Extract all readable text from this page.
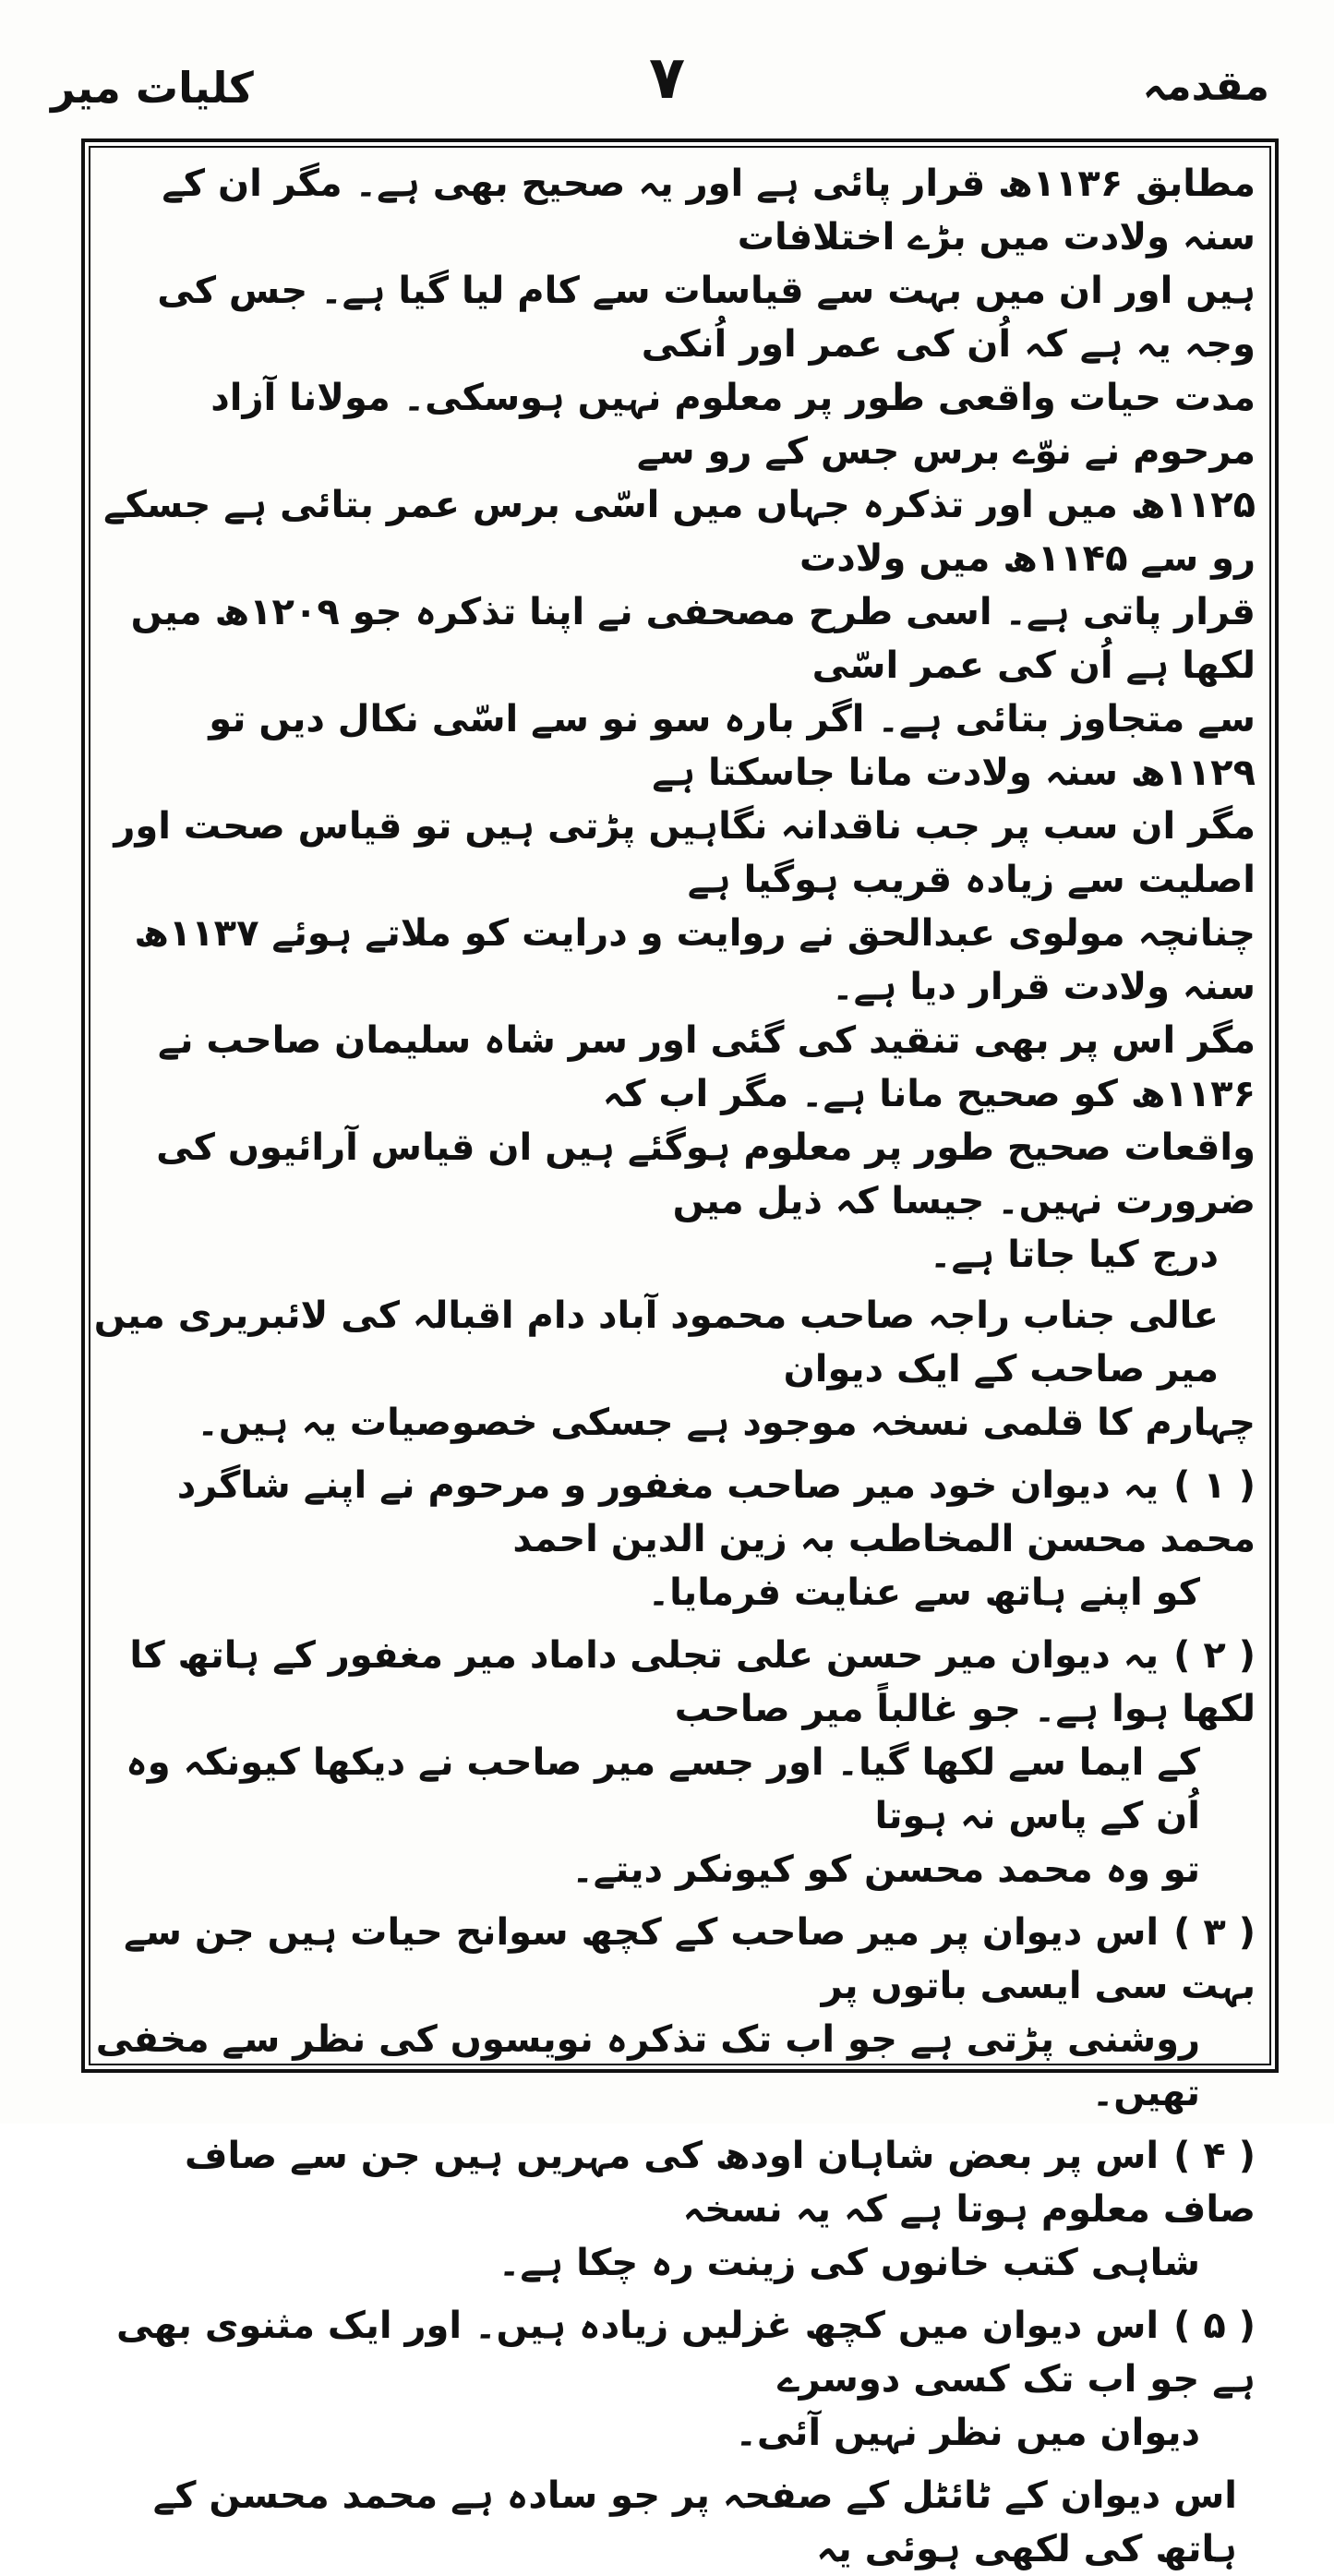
مقدمہ
۷
کلیات میر
مطابق ۱۱۳۶ھ قرار پائی ہے اور یہ صحیح بھی ہے۔ مگر ان کے سنہ ولادت میں بڑے اختلافات
ہیں اور ان میں بہت سے قیاسات سے کام لیا گیا ہے۔ جس کی وجہ یہ ہے کہ اُن کی عمر اور اُنکی
مدت حیات واقعی طور پر معلوم نہیں ہوسکی۔ مولانا آزاد مرحوم نے نوّے برس جس کے رو سے
۱۱۲۵ھ میں اور تذکرہ جہاں میں اسّی برس عمر بتائی ہے جسکے رو سے ۱۱۴۵ھ میں ولادت
قرار پاتی ہے۔ اسی طرح مصحفی نے اپنا تذکرہ جو ۱۲۰۹ھ میں لکھا ہے اُن کی عمر اسّی
سے متجاوز بتائی ہے۔ اگر بارہ سو نو سے اسّی نکال دیں تو ۱۱۲۹ھ سنہ ولادت مانا جاسکتا ہے
مگر ان سب پر جب ناقدانہ نگاہیں پڑتی ہیں تو قیاس صحت اور اصلیت سے زیادہ قریب ہوگیا ہے
چنانچہ مولوی عبدالحق نے روایت و درایت کو ملاتے ہوئے ۱۱۳۷ھ سنہ ولادت قرار دیا ہے۔
مگر اس پر بھی تنقید کی گئی اور سر شاہ سلیمان صاحب نے ۱۱۳۶ھ کو صحیح مانا ہے۔ مگر اب کہ
واقعات صحیح طور پر معلوم ہوگئے ہیں ان قیاس آرائیوں کی ضرورت نہیں۔ جیسا کہ ذیل میں
درج کیا جاتا ہے۔
عالی جناب راجہ صاحب محمود آباد دام اقبالہ کی لائبریری میں میر صاحب کے ایک دیوان
چہارم کا قلمی نسخہ موجود ہے جسکی خصوصیات یہ ہیں۔
( ۱ )یہ دیوان خود میر صاحب مغفور و مرحوم نے اپنے شاگرد محمد محسن المخاطب بہ زین الدین احمد
کو اپنے ہاتھ سے عنایت فرمایا۔
( ۲ )یہ دیوان میر حسن علی تجلی داماد میر مغفور کے ہاتھ کا لکھا ہوا ہے۔ جو غالباً میر صاحب
کے ایما سے لکھا گیا۔ اور جسے میر صاحب نے دیکھا کیونکہ وہ اُن کے پاس نہ ہوتا
تو وہ محمد محسن کو کیونکر دیتے۔
( ۳ )اس دیوان پر میر صاحب کے کچھ سوانح حیات ہیں جن سے بہت سی ایسی باتوں پر
روشنی پڑتی ہے جو اب تک تذکرہ نویسوں کی نظر سے مخفی تھیں۔
( ۴ )اس پر بعض شاہان اودھ کی مہریں ہیں جن سے صاف صاف معلوم ہوتا ہے کہ یہ نسخہ
شاہی کتب خانوں کی زینت رہ چکا ہے۔
( ۵ )اس دیوان میں کچھ غزلیں زیادہ ہیں۔ اور ایک مثنوی بھی ہے جو اب تک کسی دوسرے
دیوان میں نظر نہیں آئی۔
اس دیوان کے ٹائٹل کے صفحہ پر جو سادہ ہے محمد محسن کے ہاتھ کی لکھی ہوئی یہ
